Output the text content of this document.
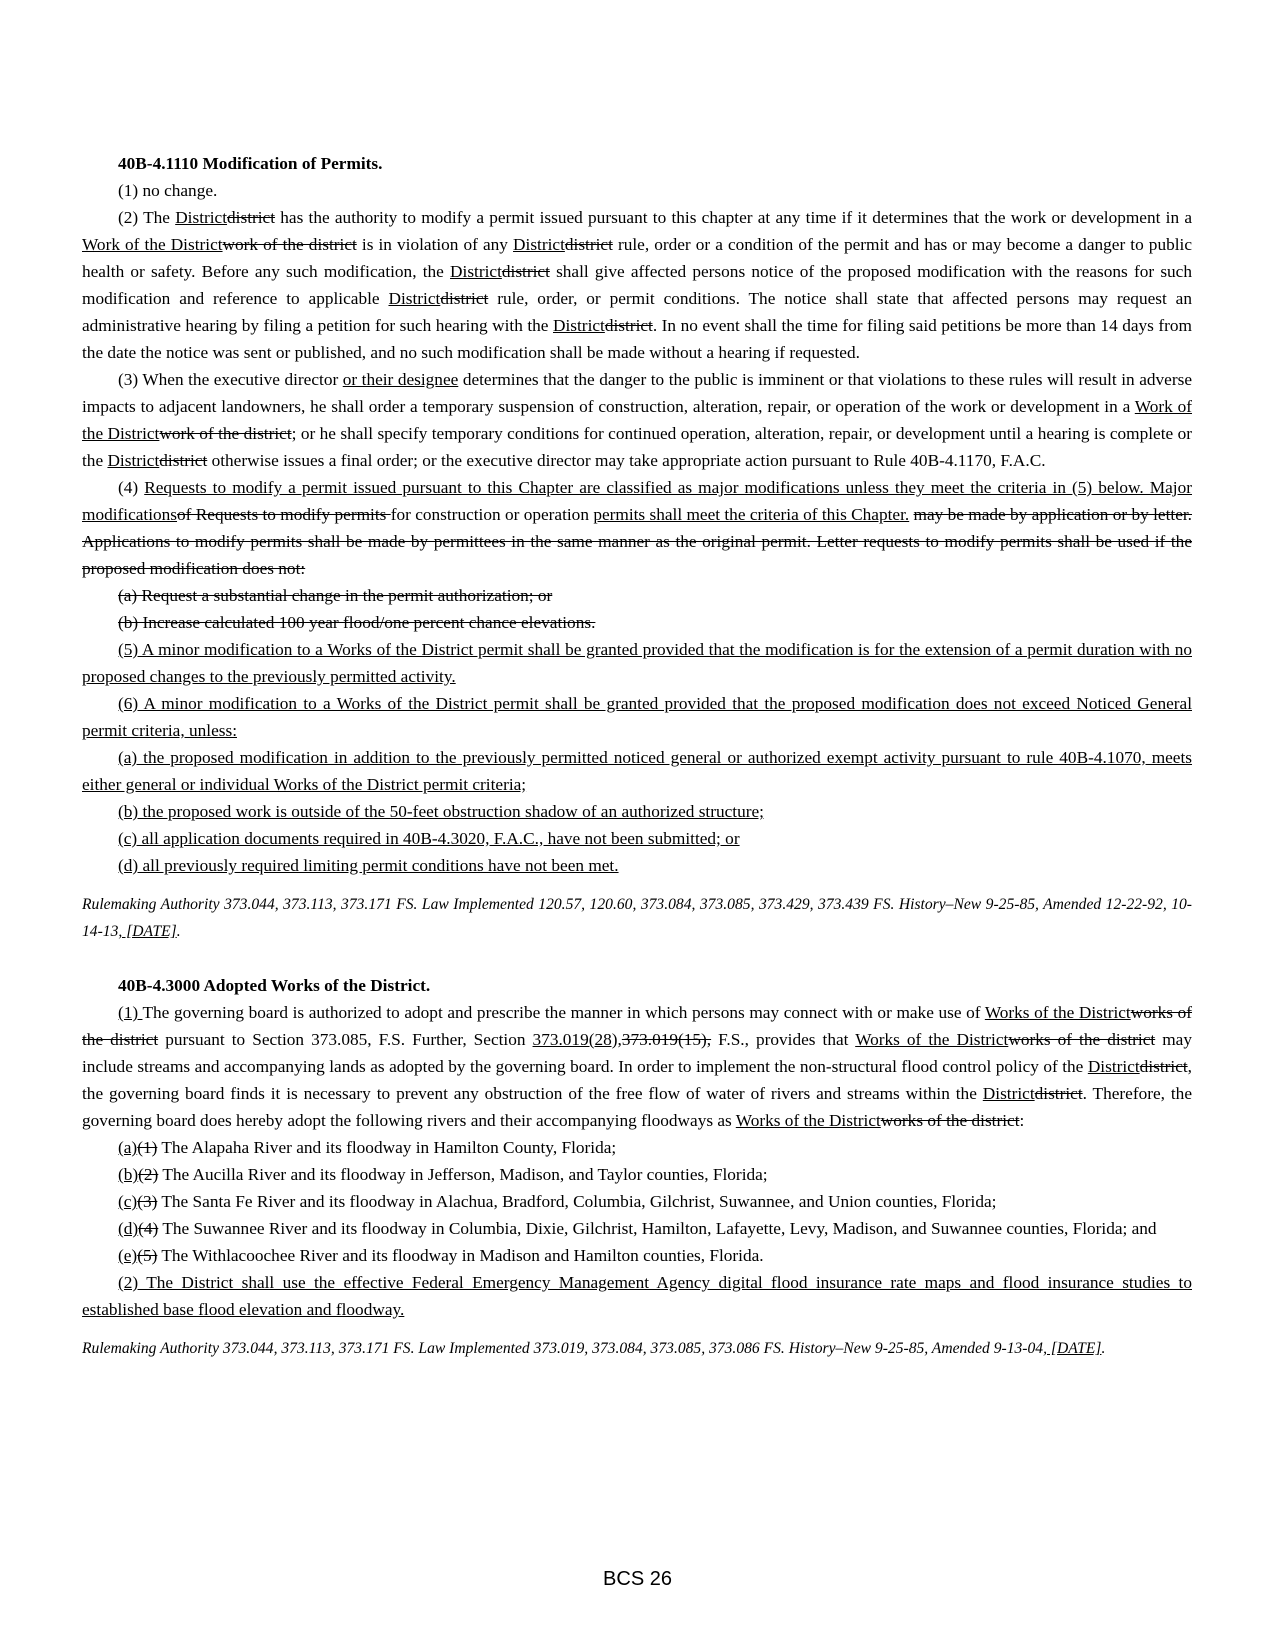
40B-4.1110 Modification of Permits.

(1) no change.

(2) The Districtdistrict has the authority to modify a permit issued pursuant to this chapter at any time if it determines that the work or development in a Work of the Districtwork of the district is in violation of any Districtdistrict rule, order or a condition of the permit and has or may become a danger to public health or safety. Before any such modification, the Districtdistrict shall give affected persons notice of the proposed modification with the reasons for such modification and reference to applicable Districtdistrict rule, order, or permit conditions. The notice shall state that affected persons may request an administrative hearing by filing a petition for such hearing with the Districtdistrict. In no event shall the time for filing said petitions be more than 14 days from the date the notice was sent or published, and no such modification shall be made without a hearing if requested.

(3) When the executive director or their designee determines that the danger to the public is imminent or that violations to these rules will result in adverse impacts to adjacent landowners, he shall order a temporary suspension of construction, alteration, repair, or operation of the work or development in a Work of the Districtwork of the district; or he shall specify temporary conditions for continued operation, alteration, repair, or development until a hearing is complete or the Districtdistrict otherwise issues a final order; or the executive director may take appropriate action pursuant to Rule 40B-4.1170, F.A.C.

(4) Requests to modify a permit issued pursuant to this Chapter are classified as major modifications unless they meet the criteria in (5) below. Major modificationsof Requests to modify permits for construction or operation permits shall meet the criteria of this Chapter. may be made by application or by letter. Applications to modify permits shall be made by permittees in the same manner as the original permit. Letter requests to modify permits shall be used if the proposed modification does not:

(a) Request a substantial change in the permit authorization; or

(b) Increase calculated 100 year flood/one percent chance elevations.

(5) A minor modification to a Works of the District permit shall be granted provided that the modification is for the extension of a permit duration with no proposed changes to the previously permitted activity.

(6) A minor modification to a Works of the District permit shall be granted provided that the proposed modification does not exceed Noticed General permit criteria, unless:

(a) the proposed modification in addition to the previously permitted noticed general or authorized exempt activity pursuant to rule 40B-4.1070, meets either general or individual Works of the District permit criteria;

(b) the proposed work is outside of the 50-feet obstruction shadow of an authorized structure;

(c) all application documents required in 40B-4.3020, F.A.C., have not been submitted; or

(d) all previously required limiting permit conditions have not been met.

Rulemaking Authority 373.044, 373.113, 373.171 FS. Law Implemented 120.57, 120.60, 373.084, 373.085, 373.429, 373.439 FS. History–New 9-25-85, Amended 12-22-92, 10-14-13, [DATE].

40B-4.3000 Adopted Works of the District.

(1) The governing board is authorized to adopt and prescribe the manner in which persons may connect with or make use of Works of the Districtworks of the district pursuant to Section 373.085, F.S. Further, Section 373.019(28),373.019(15), F.S., provides that Works of the Districtworks of the district may include streams and accompanying lands as adopted by the governing board. In order to implement the non-structural flood control policy of the Districtdistrict, the governing board finds it is necessary to prevent any obstruction of the free flow of water of rivers and streams within the Districtdistrict. Therefore, the governing board does hereby adopt the following rivers and their accompanying floodways as Works of the Districtworks of the district:

(a)(1) The Alapaha River and its floodway in Hamilton County, Florida;

(b)(2) The Aucilla River and its floodway in Jefferson, Madison, and Taylor counties, Florida;

(c)(3) The Santa Fe River and its floodway in Alachua, Bradford, Columbia, Gilchrist, Suwannee, and Union counties, Florida;

(d)(4) The Suwannee River and its floodway in Columbia, Dixie, Gilchrist, Hamilton, Lafayette, Levy, Madison, and Suwannee counties, Florida; and

(e)(5) The Withlacoochee River and its floodway in Madison and Hamilton counties, Florida.

(2) The District shall use the effective Federal Emergency Management Agency digital flood insurance rate maps and flood insurance studies to established base flood elevation and floodway.

Rulemaking Authority 373.044, 373.113, 373.171 FS. Law Implemented 373.019, 373.084, 373.085, 373.086 FS. History–New 9-25-85, Amended 9-13-04, [DATE].

BCS 26
